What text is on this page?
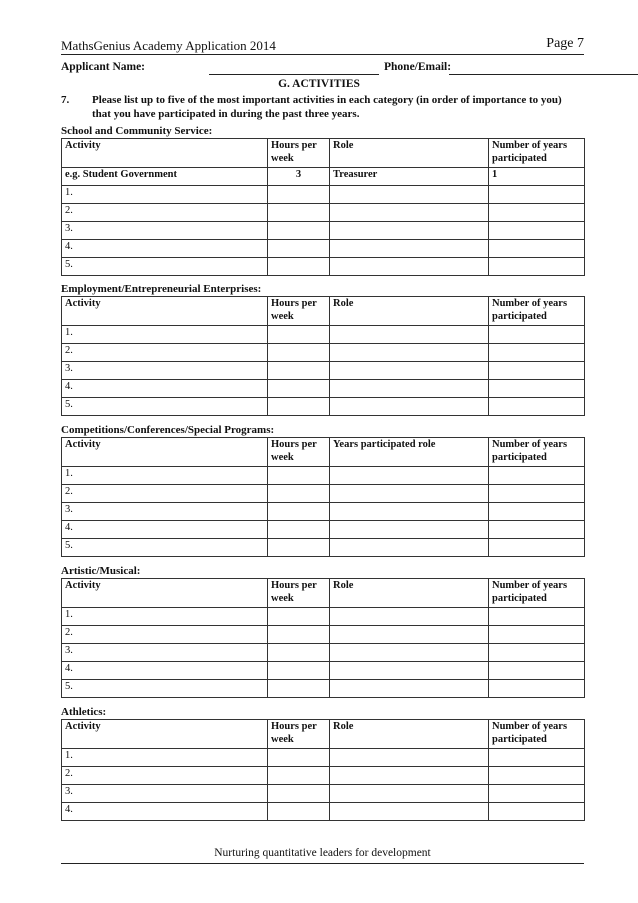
MathsGenius Academy Application 2014	Page 7
Applicant Name:	Phone/Email:
G. ACTIVITIES
7. Please list up to five of the most important activities in each category (in order of importance to you) that you have participated in during the past three years.
School and Community Service:
Activity	Hours per week	Role	Number of years participated
e.g. Student Government	3	Treasurer	1
1.			
2.			
3.			
4.			
5.			
Employment/Entrepreneurial Enterprises:
Activity	Hours per week	Role	Number of years participated
1.			
2.			
3.			
4.			
5.			
Competitions/Conferences/Special Programs:
Activity	Hours per week	Years participated role	Number of years participated
1.			
2.			
3.			
4.			
5.			
Artistic/Musical:
Activity	Hours per week	Role	Number of years participated
1.			
2.			
3.			
4.			
5.			
Athletics:
Activity	Hours per week	Role	Number of years participated
1.			
2.			
3.			
4.			
Nurturing quantitative leaders for development
